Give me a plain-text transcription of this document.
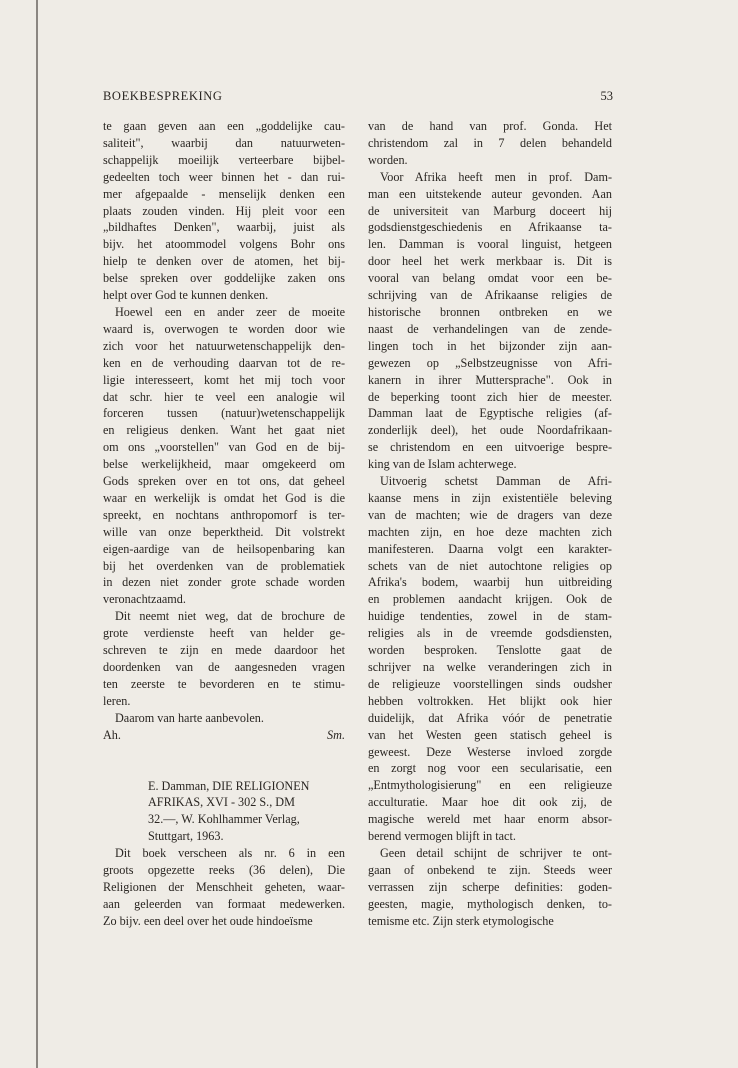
BOEKBESPREKING	53
te gaan geven aan een „goddelijke cau-
saliteit", waarbij dan natuurweten-
schappelijk moeilijk verteerbare bijbel-
gedeelten toch weer binnen het - dan rui-
mer afgepaalde - menselijk denken een
plaats zouden vinden. Hij pleit voor een
„bildhaftes Denken", waarbij, juist als
bijv. het atoommodel volgens Bohr ons
hielp te denken over de atomen, het bij-
belse spreken over goddelijke zaken ons
helpt over God te kunnen denken.
Hoewel een en ander zeer de moeite
waard is, overwogen te worden door wie
zich voor het natuurwetenschappelijk den-
ken en de verhouding daarvan tot de re-
ligie interesseert, komt het mij toch voor
dat schr. hier te veel een analogie wil
forceren tussen (natuur)wetenschappelijk
en religieus denken. Want het gaat niet
om ons „voorstellen" van God en de bij-
belse werkelijkheid, maar omgekeerd om
Gods spreken over en tot ons, dat geheel
waar en werkelijk is omdat het God is die
spreekt, en nochtans anthropomorf is ter-
wille van onze beperktheid. Dit volstrekt
eigen-aardige van de heilsopenbaring kan
bij het overdenken van de problematiek
in dezen niet zonder grote schade worden
veronachtzaamd.
Dit neemt niet weg, dat de brochure de
grote verdienste heeft van helder ge-
schreven te zijn en mede daardoor het
doordenken van de aangesneden vragen
ten zeerste te bevorderen en te stimu-
leren.
Daarom van harte aanbevolen.
Ah.	Sm.
E. Damman, DIE RELIGIONEN
AFRIKAS, XVI - 302 S., DM
32.—, W. Kohlhammer Verlag,
Stuttgart, 1963.
Dit boek verscheen als nr. 6 in een
groots opgezette reeks (36 delen), Die
Religionen der Menschheit geheten, waar-
aan geleerden van formaat medewerken.
Zo bijv. een deel over het oude hindoeïsme
van de hand van prof. Gonda. Het
christendom zal in 7 delen behandeld
worden.
Voor Afrika heeft men in prof. Dam-
man een uitstekende auteur gevonden. Aan
de universiteit van Marburg doceert hij
godsdienstgeschiedenis en Afrikaanse ta-
len. Damman is vooral linguist, hetgeen
door heel het werk merkbaar is. Dit is
vooral van belang omdat voor een be-
schrijving van de Afrikaanse religies de
historische bronnen ontbreken en we
naast de verhandelingen van de zende-
lingen toch in het bijzonder zijn aan-
gewezen op „Selbstzeugnisse von Afri-
kanern in ihrer Muttersprache". Ook in
de beperking toont zich hier de meester.
Damman laat de Egyptische religies (af-
zonderlijk deel), het oude Noordafrikaan-
se christendom en een uitvoerige bespre-
king van de Islam achterwege.
Uitvoerig schetst Damman de Afri-
kaanse mens in zijn existentiële beleving
van de machten; wie de dragers van deze
machten zijn, en hoe deze machten zich
manifesteren. Daarna volgt een karakter-
schets van de niet autochtone religies op
Afrika's bodem, waarbij hun uitbreiding
en problemen aandacht krijgen. Ook de
huidige tendenties, zowel in de stam-
religies als in de vreemde godsdiensten,
worden besproken. Tenslotte gaat de
schrijver na welke veranderingen zich in
de religieuze voorstellingen sinds oudsher
hebben voltrokken. Het blijkt ook hier
duidelijk, dat Afrika vóór de penetratie
van het Westen geen statisch geheel is
geweest. Deze Westerse invloed zorgde
en zorgt nog voor een secularisatie, een
„Entmythologisierung" en een religieuze
acculturatie. Maar hoe dit ook zij, de
magische wereld met haar enorm absor-
berend vermogen blijft in tact.
Geen detail schijnt de schrijver te ont-
gaan of onbekend te zijn. Steeds weer
verrassen zijn scherpe definities: goden-
geesten, magie, mythologisch denken, to-
temisme etc. Zijn sterk etymologische
